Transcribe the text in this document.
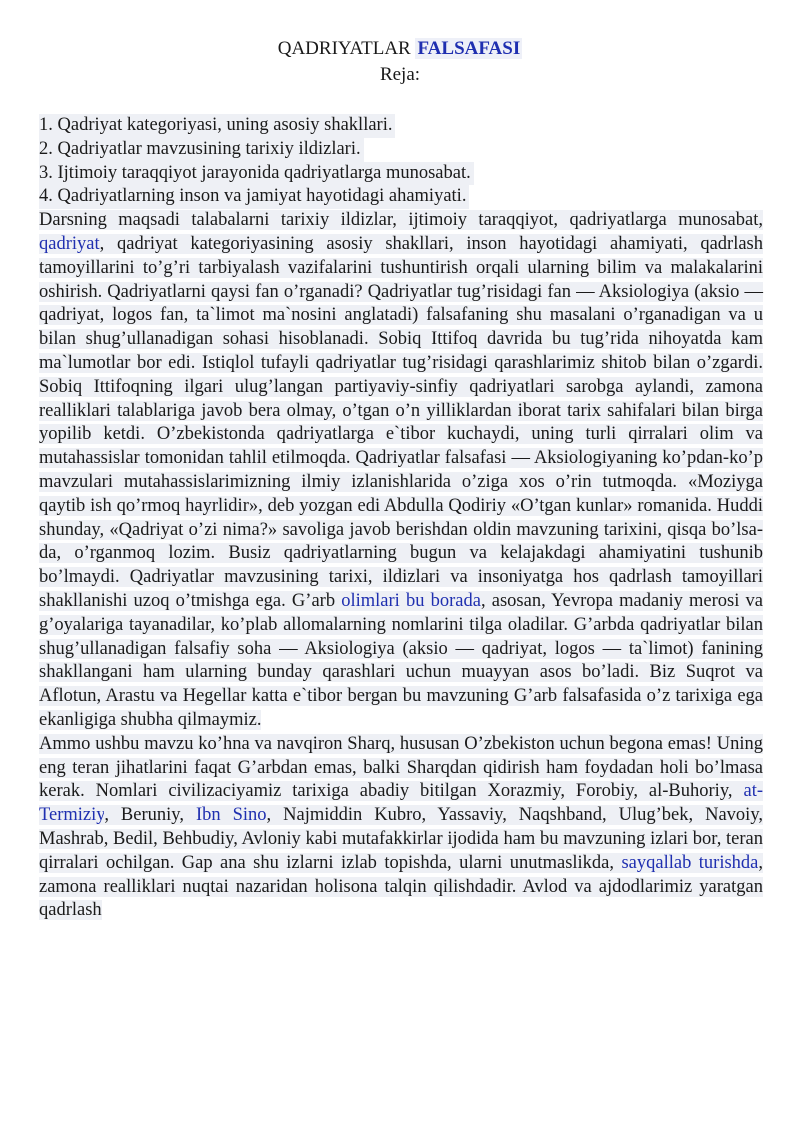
QADRIYATLAR FALSAFASI
Reja:
1. Qadriyat kategoriyasi, uning asosiy shakllari.
2. Qadriyatlar mavzusining tarixiy ildizlari.
3. Ijtimoiy taraqqiyot jarayonida qadriyatlarga munosabat.
4. Qadriyatlarning inson va jamiyat hayotidagi ahamiyati.

Darsning maqsadi talabalarni tarixiy ildizlar, ijtimoiy taraqqiyot, qadriyatlarga munosabat, qadriyat, qadriyat kategoriyasining asosiy shakllari, inson hayotidagi ahamiyati, qadrlash tamoyillarini to’g’ri tarbiyalash vazifalarini tushuntirish orqali ularning bilim va malakalarini oshirish. Qadriyatlarni qaysi fan o’rganadi? Qadriyatlar tug’risidagi fan — Aksiologiya (aksio — qadriyat, logos fan, ta`limot ma`nosini anglatadi) falsafaning shu masalani o’rganadigan va u bilan shug’ullanadigan sohasi hisoblanadi. Sobiq Ittifoq davrida bu tug’rida nihoyatda kam ma`lumotlar bor edi. Istiqlol tufayli qadriyatlar tug’risidagi qarashlarimiz shitob bilan o’zgardi. Sobiq Ittifoqning ilgari ulug’langan partiyaviy-sinfiy qadriyatlari sarobga aylandi, zamona realliklari talablariga javob bera olmay, o’tgan o’n yilliklardan iborat tarix sahifalari bilan birga yopilib ketdi. O’zbekistonda qadriyatlarga e`tibor kuchaydi, uning turli qirralari olim va mutahassislar tomonidan tahlil etilmoqda. Qadriyatlar falsafasi — Aksiologiyaning ko’pdan-ko’p mavzulari mutahassislarimizning ilmiy izlanishlarida o’ziga xos o’rin tutmoqda. «Moziyga qaytib ish qo’rmoq hayrlidir», deb yozgan edi Abdulla Qodiriy «O’tgan kunlar» romanida. Huddi shunday, «Qadriyat o’zi nima?» savoliga javob berishdan oldin mavzuning tarixini, qisqa bo’lsa-da, o’rganmoq lozim. Busiz qadriyatlarning bugun va kelajakdagi ahamiyatini tushunib bo’lmaydi. Qadriyatlar mavzusining tarixi, ildizlari va insoniyatga hos qadrlash tamoyillari shakllanishi uzoq o’tmishga ega. G’arb olimlari bu borada, asosan, Yevropa madaniy merosi va g’oyalariga tayanadilar, ko’plab allomalarning nomlarini tilga oladilar. G’arbda qadriyatlar bilan shug’ullanadigan falsafiy soha — Aksiologiya (aksio — qadriyat, logos — ta`limot) fanining shakllangani ham ularning bunday qarashlari uchun muayyan asos bo’ladi. Biz Suqrot va Aflotun, Arastu va Hegellar katta e`tibor bergan bu mavzuning G’arb falsafasida o’z tarixiga ega ekanligiga shubha qilmaymiz.

Ammo ushbu mavzu ko’hna va navqiron Sharq, hususan O’zbekiston uchun begona emas! Uning eng teran jihatlarini faqat G’arbdan emas, balki Sharqdan qidirish ham foydadan holi bo’lmasa kerak. Nomlari civilizaciyamiz tarixiga abadiy bitilgan Xorazmiy, Forobiy, al-Buhoriy, at-Termiziy, Beruniy, Ibn Sino, Najmiddin Kubro, Yassaviy, Naqshband, Ulug’bek, Navoiy, Mashrab, Bedil, Behbudiy, Avloniy kabi mutafakkirlar ijodida ham bu mavzuning izlari bor, teran qirralari ochilgan. Gap ana shu izlarni izlab topishda, ularni unutmaslikda, sayqallab turishda, zamona realliklari nuqtai nazaridan holisona talqin qilishdadir. Avlod va ajdodlarimiz yaratgan qadrlash
